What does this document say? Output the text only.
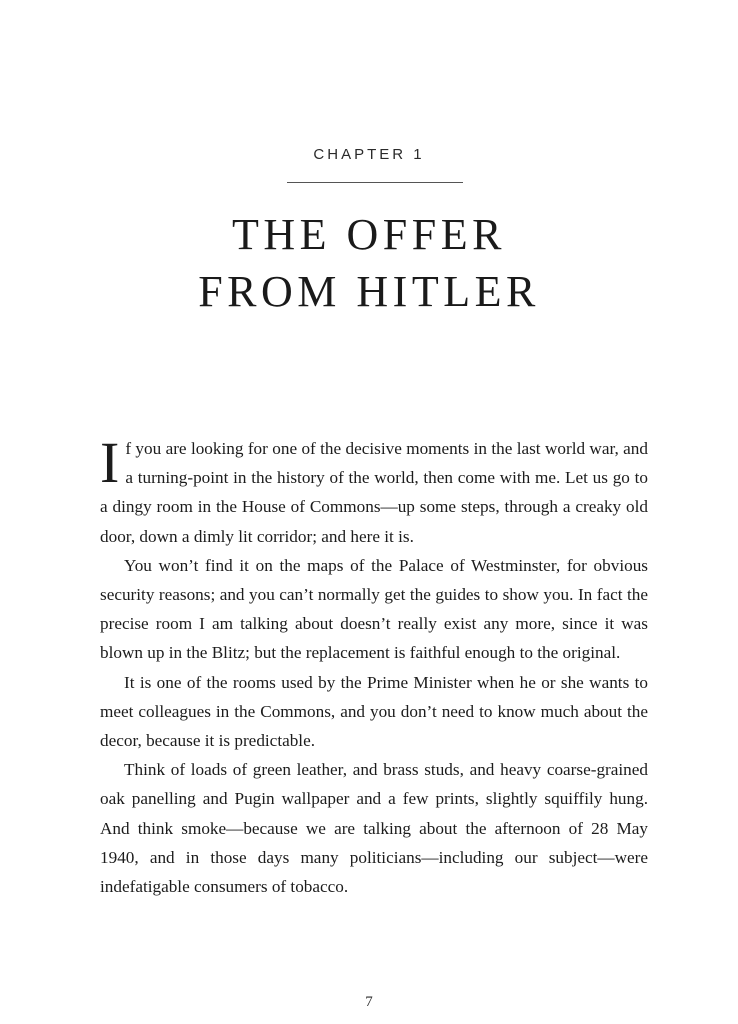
CHAPTER 1
THE OFFER
FROM HITLER

If you are looking for one of the decisive moments in the last world war, and a turning-point in the history of the world, then come with me. Let us go to a dingy room in the House of Commons—up some steps, through a creaky old door, down a dimly lit corridor; and here it is.

You won’t find it on the maps of the Palace of Westminster, for obvious security reasons; and you can’t normally get the guides to show you. In fact the precise room I am talking about doesn’t really exist any more, since it was blown up in the Blitz; but the replacement is faithful enough to the original.

It is one of the rooms used by the Prime Minister when he or she wants to meet colleagues in the Commons, and you don’t need to know much about the decor, because it is predictable.

Think of loads of green leather, and brass studs, and heavy coarse-grained oak panelling and Pugin wallpaper and a few prints, slightly squiffily hung. And think smoke—because we are talking about the afternoon of 28 May 1940, and in those days many politicians—including our subject—were indefatigable consumers of tobacco.

7
